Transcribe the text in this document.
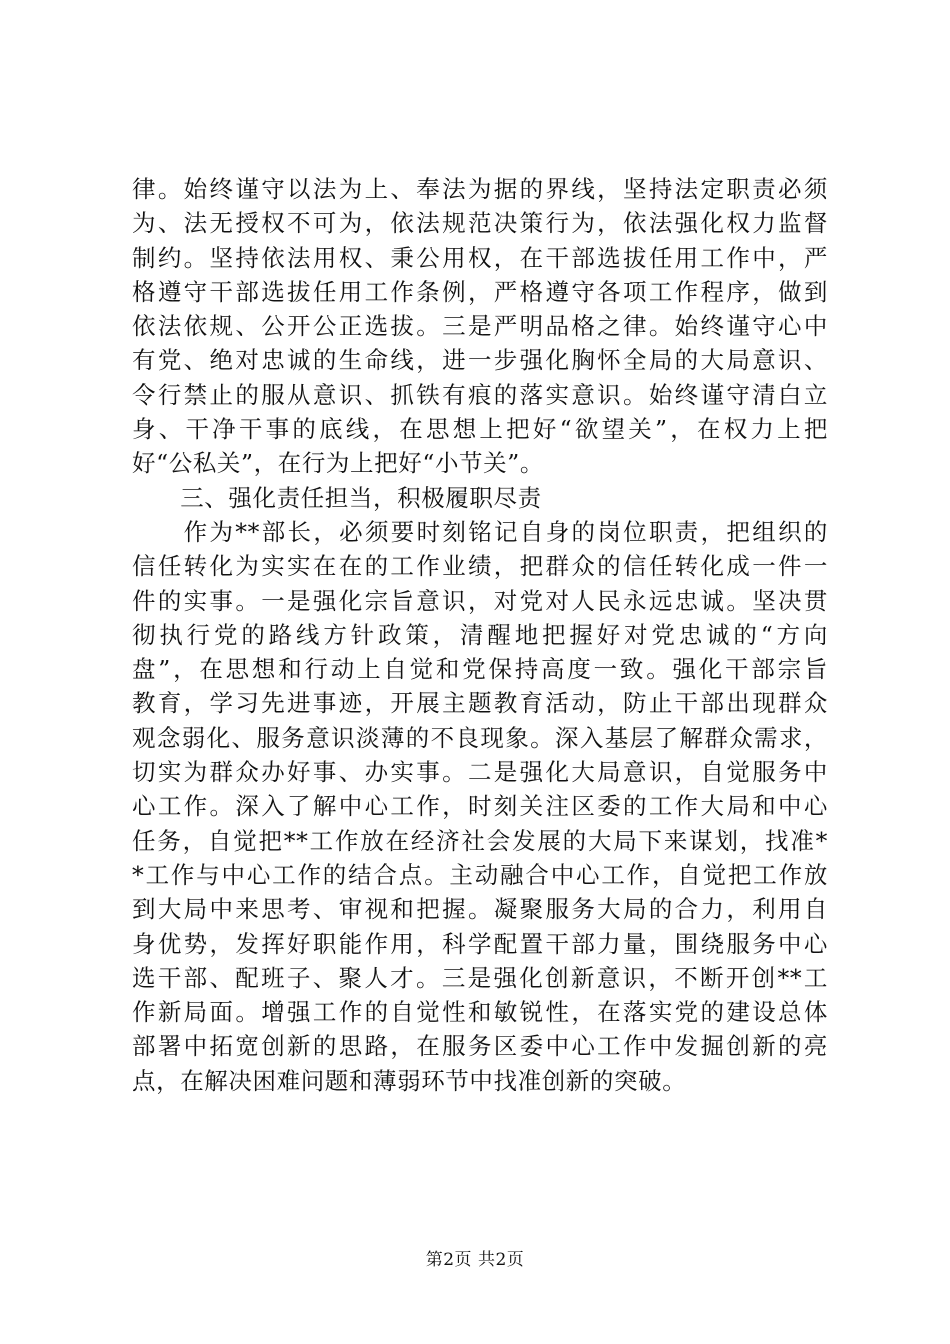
律。始终谨守以法为上、奉法为据的界线，坚持法定职责必须
为、法无授权不可为，依法规范决策行为，依法强化权力监督
制约。坚持依法用权、秉公用权，在干部选拔任用工作中，严
格遵守干部选拔任用工作条例，严格遵守各项工作程序，做到
依法依规、公开公正选拔。三是严明品格之律。始终谨守心中
有党、绝对忠诚的生命线，进一步强化胸怀全局的大局意识、
令行禁止的服从意识、抓铁有痕的落实意识。始终谨守清白立
身、干净干事的底线，在思想上把好“欲望关”，在权力上把
好“公私关”，在行为上把好“小节关”。
　　三、强化责任担当，积极履职尽责
　　作为**部长，必须要时刻铭记自身的岗位职责，把组织的
信任转化为实实在在的工作业绩，把群众的信任转化成一件一
件的实事。一是强化宗旨意识，对党对人民永远忠诚。坚决贯
彻执行党的路线方针政策，清醒地把握好对党忠诚的“方向
盘”，在思想和行动上自觉和党保持高度一致。强化干部宗旨
教育，学习先进事迹，开展主题教育活动，防止干部出现群众
观念弱化、服务意识淡薄的不良现象。深入基层了解群众需求，
切实为群众办好事、办实事。二是强化大局意识，自觉服务中
心工作。深入了解中心工作，时刻关注区委的工作大局和中心
任务，自觉把**工作放在经济社会发展的大局下来谋划，找准*
*工作与中心工作的结合点。主动融合中心工作，自觉把工作放
到大局中来思考、审视和把握。凝聚服务大局的合力，利用自
身优势，发挥好职能作用，科学配置干部力量，围绕服务中心
选干部、配班子、聚人才。三是强化创新意识，不断开创**工
作新局面。增强工作的自觉性和敏锐性，在落实党的建设总体
部署中拓宽创新的思路，在服务区委中心工作中发掘创新的亮
点，在解决困难问题和薄弱环节中找准创新的突破。
第2页 共2页
